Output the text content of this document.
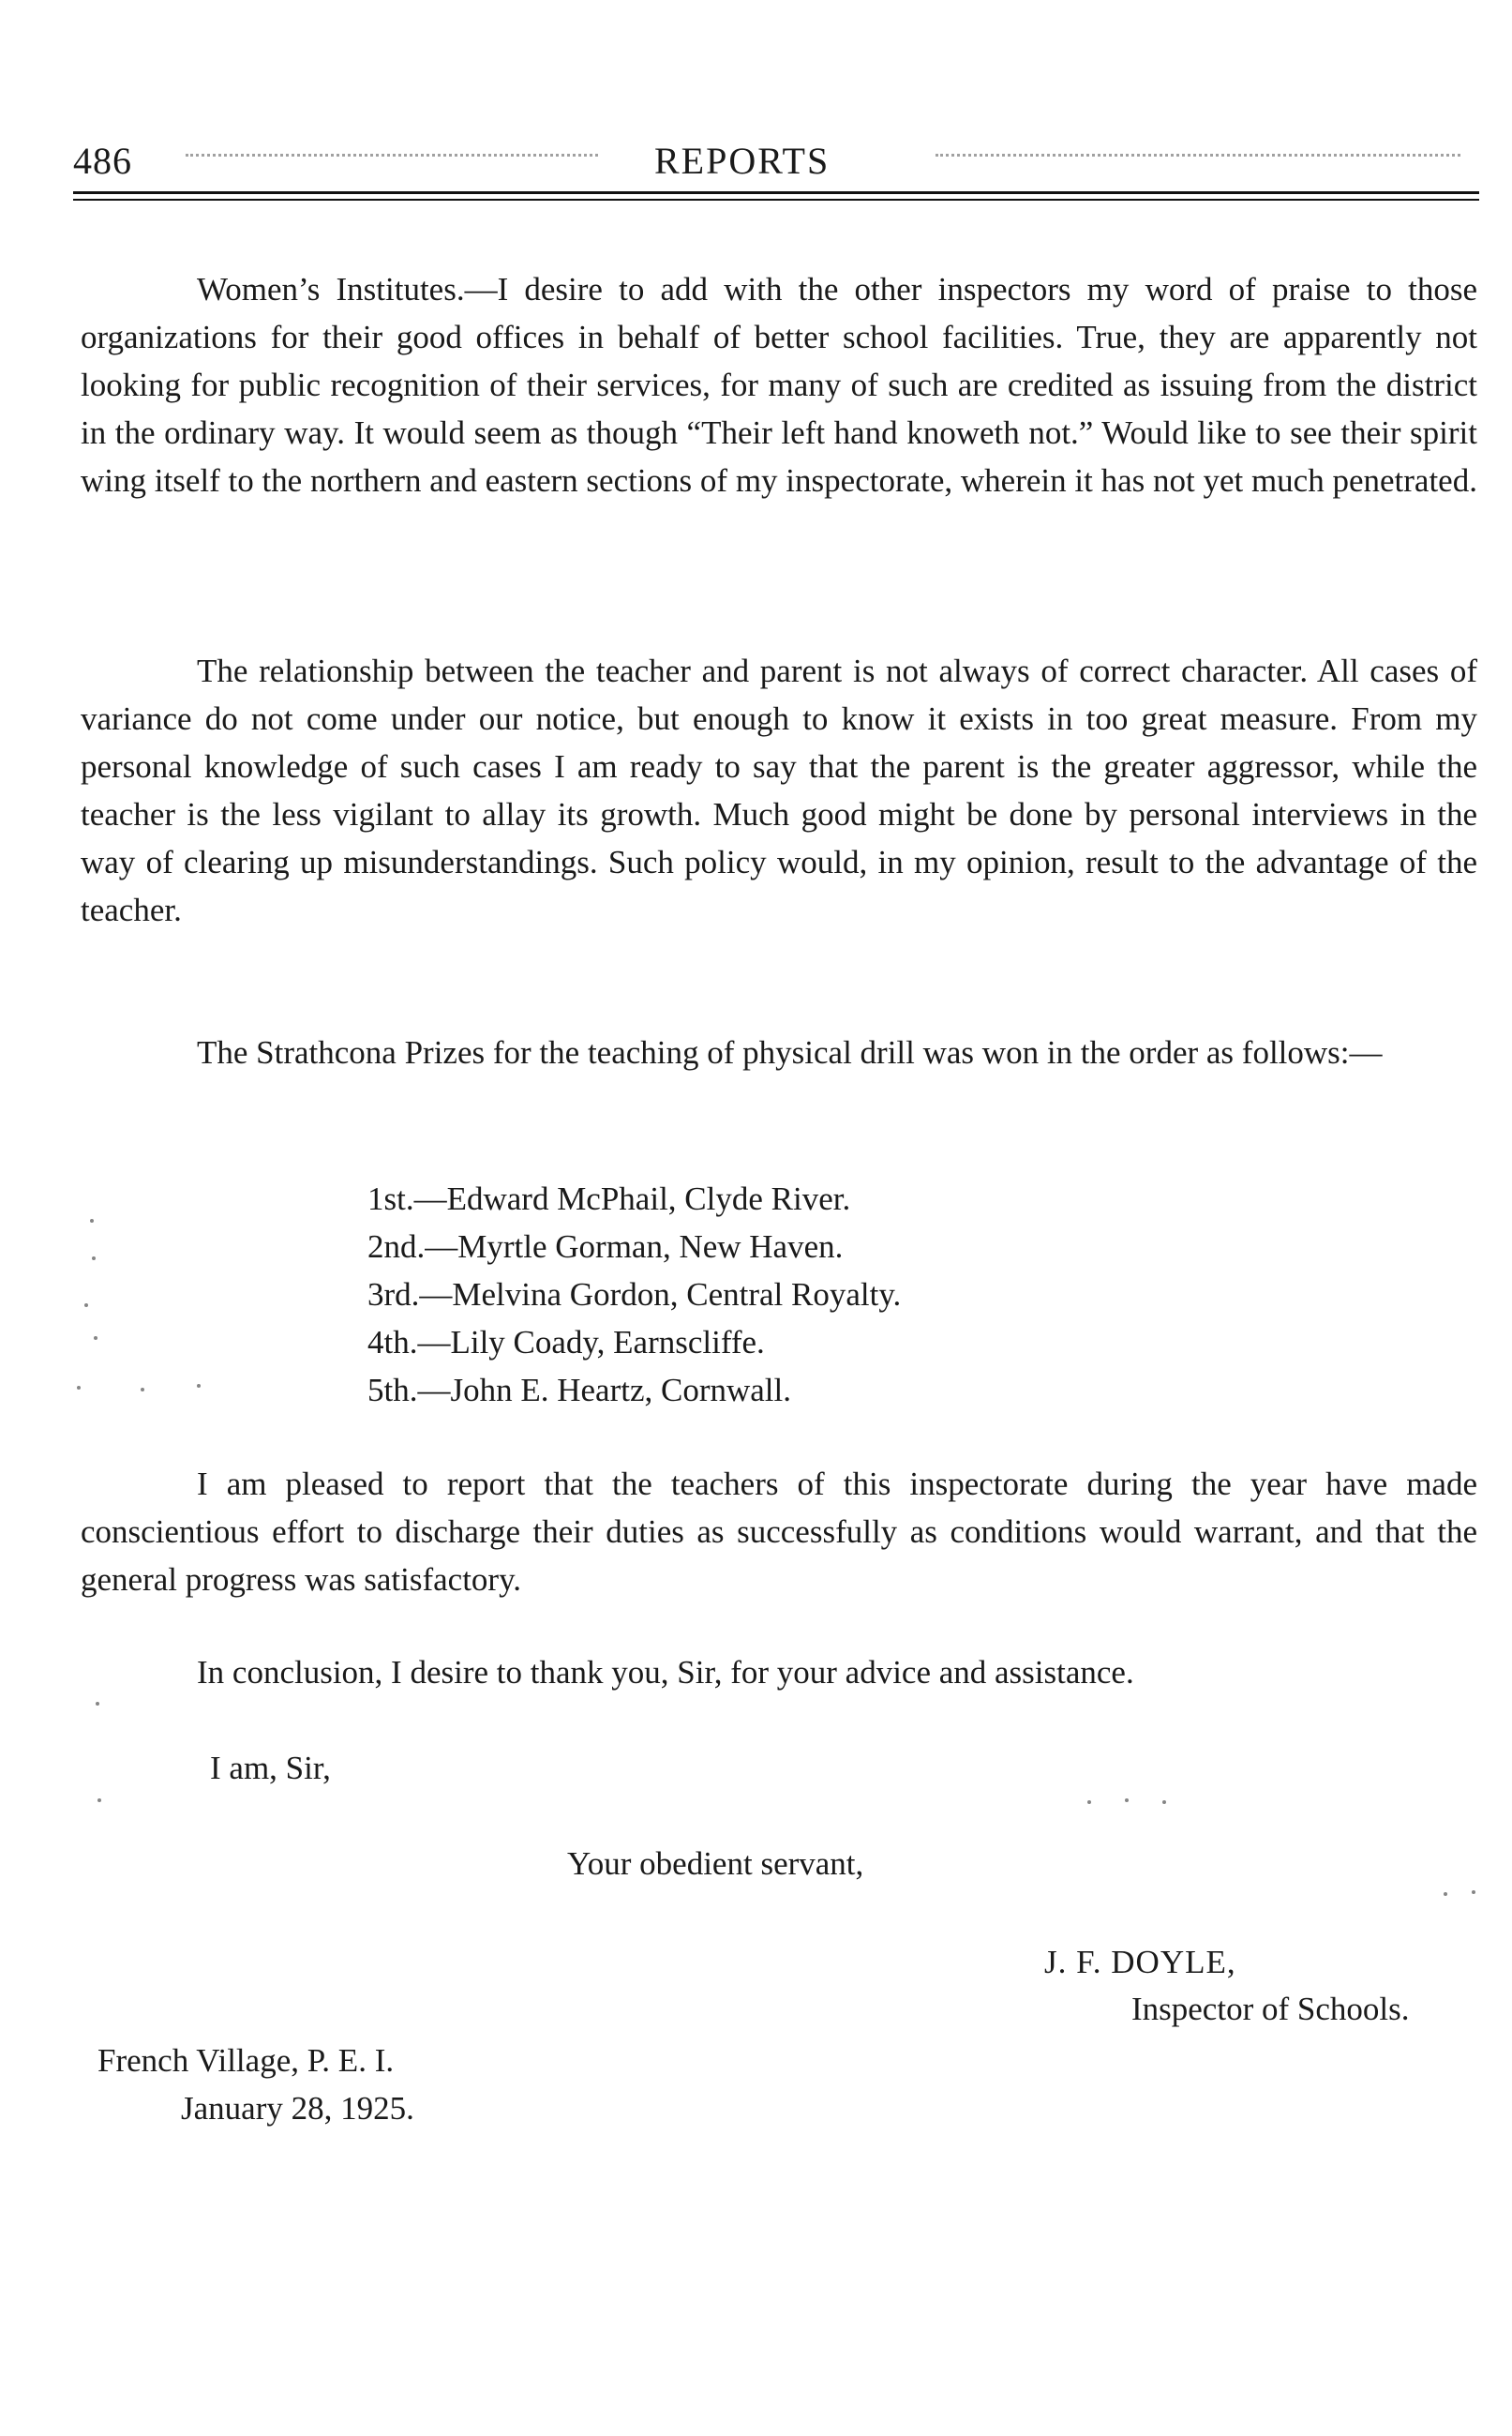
486	REPORTS

Women’s Institutes.—I desire to add with the other inspectors my word of praise to those organizations for their good offices in behalf of better school facilities. True, they are apparently not looking for public recognition of their services, for many of such are credited as issuing from the district in the ordinary way. It would seem as though “Their left hand knoweth not.” Would like to see their spirit wing itself to the northern and eastern sections of my inspectorate, wherein it has not yet much penetrated.

The relationship between the teacher and parent is not always of correct character. All cases of variance do not come under our notice, but enough to know it exists in too great measure. From my personal knowledge of such cases I am ready to say that the parent is the greater aggressor, while the teacher is the less vigilant to allay its growth. Much good might be done by personal interviews in the way of clearing up misunderstandings. Such policy would, in my opinion, result to the advantage of the teacher.

The Strathcona Prizes for the teaching of physical drill was won in the order as follows:—

1st.—Edward McPhail, Clyde River.
2nd.—Myrtle Gorman, New Haven.
3rd.—Melvina Gordon, Central Royalty.
4th.—Lily Coady, Earnscliffe.
5th.—John E. Heartz, Cornwall.

I am pleased to report that the teachers of this inspectorate during the year have made conscientious effort to discharge their duties as successfully as conditions would warrant, and that the general progress was satisfactory.

In conclusion, I desire to thank you, Sir, for your advice and assistance.

I am, Sir,

Your obedient servant,
J. F. DOYLE,
Inspector of Schools.
French Village, P. E. I.
January 28, 1925.
